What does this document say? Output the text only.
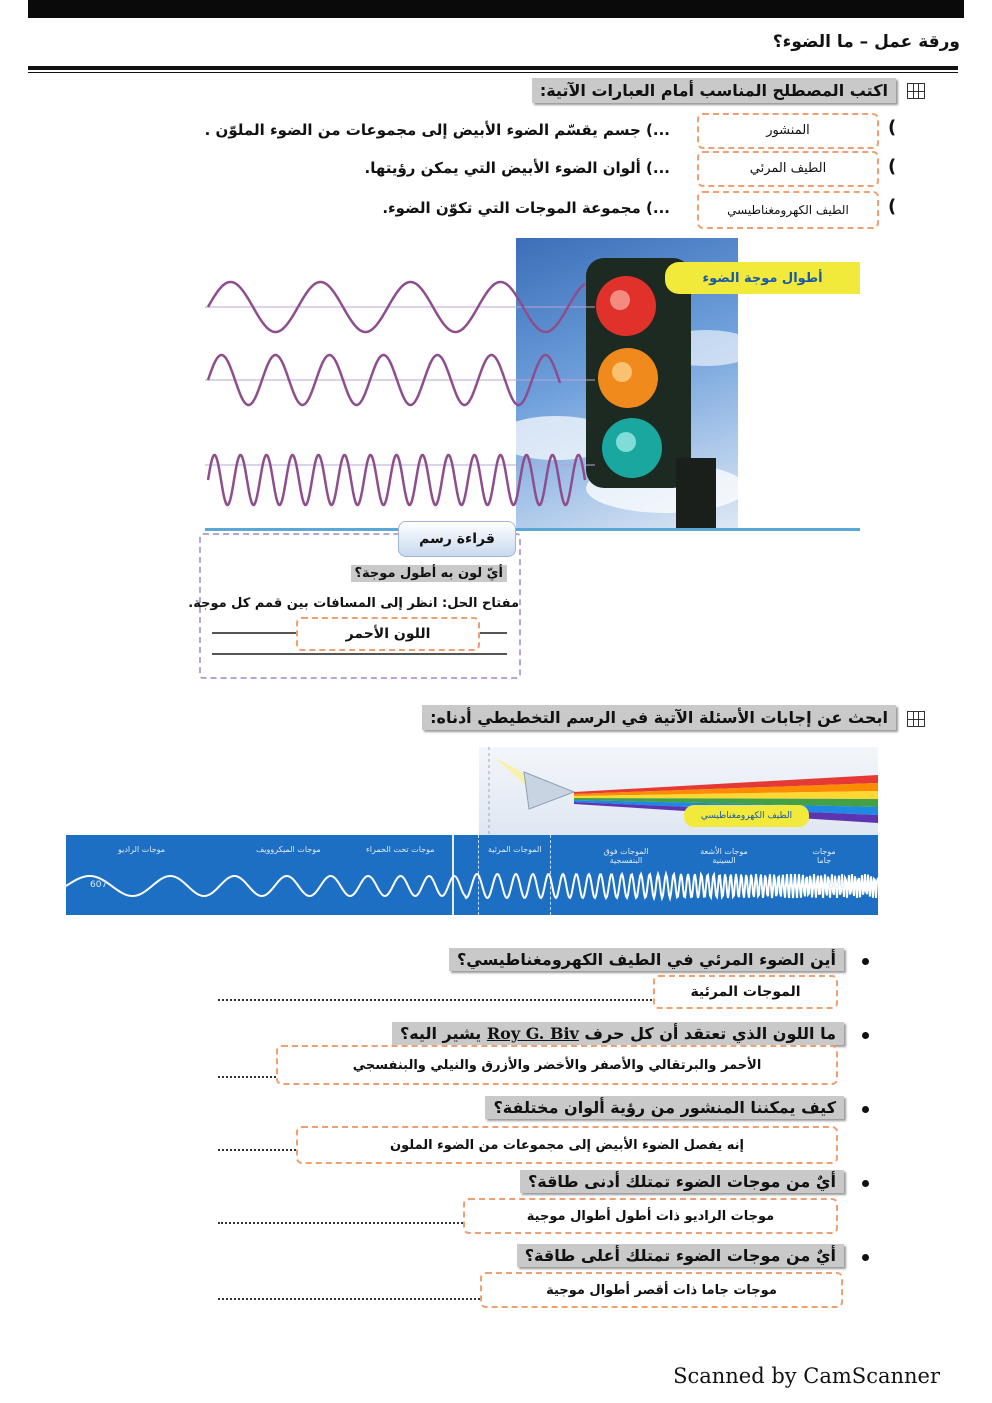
ورقة عمل – ما الضوء؟
اكتب المصطلح المناسب أمام العبارات الآتية:
(
المنشور
...) جسم يقسّم الضوء الأبيض إلى مجموعات من الضوء الملوّن .
(
الطيف المرئي
...) ألوان الضوء الأبيض التي يمكن رؤيتها.
(
الطيف الكهرومغناطيسي
...) مجموعة الموجات التي تكوّن الضوء.
أطوال موجة الضوء
قراءة رسم
أيّ لون به أطول موجة؟
مفتاح الحل: انظر إلى المسافات بين قمم كل موجة.
اللون الأحمر
ابحث عن إجابات الأسئلة الآتية في الرسم التخطيطي أدناه:
الطيف الكهرومغناطيسي
موجات الراديو	موجات الميكروويف	موجات تحت الحمراء	الموجات المرئية	الموجات فوق البنفسجية
موجات الأشعة السينية
موجات جاما
607	606
أين الضوء المرئي في الطيف الكهرومغناطيسي؟
الموجات المرئية
ما اللون الذي تعتقد أن كل حرف Roy G. Biv يشير اليه؟
الأحمر والبرتقالي والأصفر والأخضر والأزرق والنيلي والبنفسجي
كيف يمكننا المنشور من رؤية ألوان مختلفة؟
إنه يفصل الضوء الأبيض إلى مجموعات من الضوء الملون
أيٌ من موجات الضوء تمتلك أدنى طاقة؟
موجات الراديو ذات أطول أطوال موجية
أيٌ من موجات الضوء تمتلك أعلى طاقة؟
موجات جاما ذات أقصر أطوال موجية
Scanned by CamScanner
